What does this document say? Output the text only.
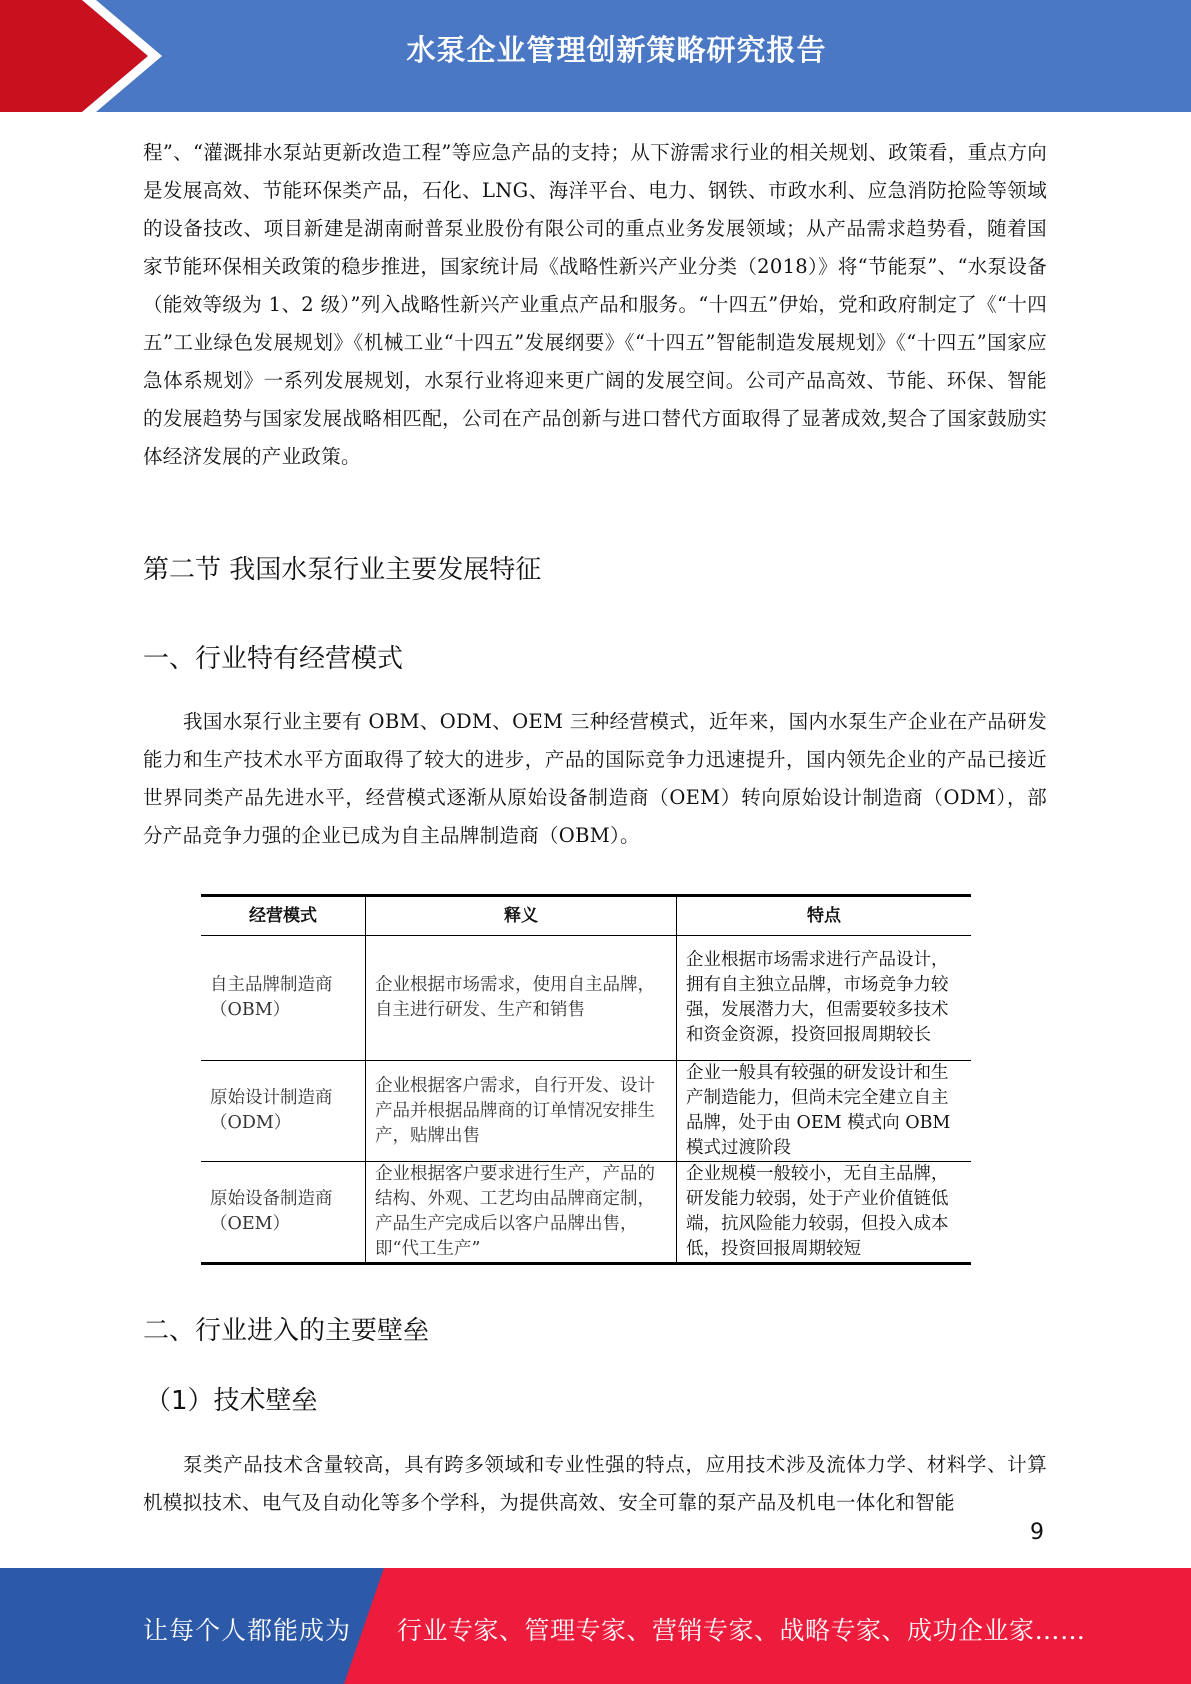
水泵企业管理创新策略研究报告

程”、“灌溉排水泵站更新改造工程”等应急产品的支持；从下游需求行业的相关规划、政策看，重点方向是发展高效、节能环保类产品，石化、LNG、海洋平台、电力、钢铁、市政水利、应急消防抢险等领域的设备技改、项目新建是湖南耐普泵业股份有限公司的重点业务发展领域；从产品需求趋势看，随着国家节能环保相关政策的稳步推进，国家统计局《战略性新兴产业分类（2018）》将“节能泵”、“水泵设备（能效等级为 1、2 级）”列入战略性新兴产业重点产品和服务。“十四五”伊始，党和政府制定了《“十四五”工业绿色发展规划》《机械工业“十四五”发展纲要》《“十四五”智能制造发展规划》《“十四五”国家应急体系规划》一系列发展规划，水泵行业将迎来更广阔的发展空间。公司产品高效、节能、环保、智能的发展趋势与国家发展战略相匹配，公司在产品创新与进口替代方面取得了显著成效,契合了国家鼓励实体经济发展的产业政策。

第二节 我国水泵行业主要发展特征
一、行业特有经营模式

我国水泵行业主要有 OBM、ODM、OEM 三种经营模式，近年来，国内水泵生产企业在产品研发能力和生产技术水平方面取得了较大的进步，产品的国际竞争力迅速提升，国内领先企业的产品已接近世界同类产品先进水平，经营模式逐渐从原始设备制造商（OEM）转向原始设计制造商（ODM），部分产品竞争力强的企业已成为自主品牌制造商（OBM）。

经营模式	释义	特点
自主品牌制造商（OBM）	企业根据市场需求，使用自主品牌，自主进行研发、生产和销售	企业根据市场需求进行产品设计，拥有自主独立品牌，市场竞争力较强，发展潜力大，但需要较多技术和资金资源，投资回报周期较长
原始设计制造商（ODM）	企业根据客户需求，自行开发、设计产品并根据品牌商的订单情况安排生产，贴牌出售	企业一般具有较强的研发设计和生产制造能力，但尚未完全建立自主品牌，处于由 OEM 模式向 OBM 模式过渡阶段
原始设备制造商（OEM）	企业根据客户要求进行生产，产品的结构、外观、工艺均由品牌商定制，产品生产完成后以客户品牌出售，即“代工生产”	企业规模一般较小，无自主品牌，研发能力较弱，处于产业价值链低端，抗风险能力较弱，但投入成本低，投资回报周期较短
二、行业进入的主要壁垒
（1）技术壁垒

泵类产品技术含量较高，具有跨多领域和专业性强的特点，应用技术涉及流体力学、材料学、计算机模拟技术、电气及自动化等多个学科，为提供高效、安全可靠的泵产品及机电一体化和智能

9
让每个人都能成为 行业专家、管理专家、营销专家、战略专家、成功企业家……
